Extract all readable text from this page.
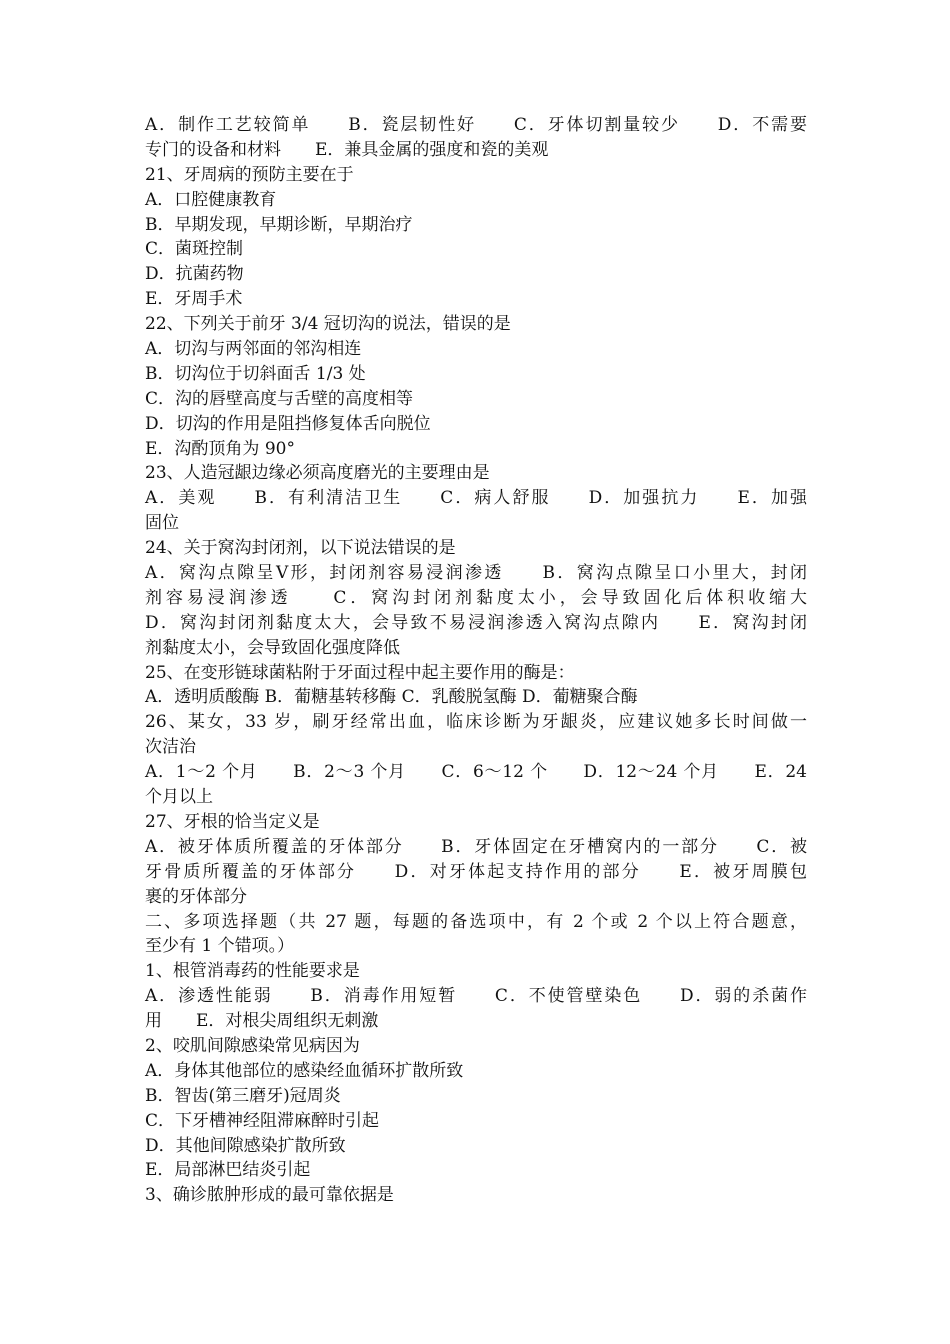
A．制作工艺较简单　　B．瓷层韧性好　　C．牙体切割量较少　　D．不需要
专门的设备和材料　　E．兼具金属的强度和瓷的美观
21、牙周病的预防主要在于
A．口腔健康教育
B．早期发现，早期诊断，早期治疗
C．菌斑控制
D．抗菌药物
E．牙周手术
22、下列关于前牙 3/4 冠切沟的说法，错误的是
A．切沟与两邻面的邻沟相连
B．切沟位于切斜面舌 1/3 处
C．沟的唇壁高度与舌壁的高度相等
D．切沟的作用是阻挡修复体舌向脱位
E．沟酌顶角为 90°
23、人造冠龈边缘必须高度磨光的主要理由是
A．美观　　B．有利清洁卫生　　C．病人舒服　　D．加强抗力　　E．加强
固位
24、关于窝沟封闭剂，以下说法错误的是
A．窝沟点隙呈Ⅴ形，封闭剂容易浸润渗透　　B．窝沟点隙呈口小里大，封闭
剂容易浸润渗透　　C．窝沟封闭剂黏度太小，会导致固化后体积收缩大
D．窝沟封闭剂黏度太大，会导致不易浸润渗透入窝沟点隙内　　E．窝沟封闭
剂黏度太小，会导致固化强度降低
25、在变形链球菌粘附于牙面过程中起主要作用的酶是：
A．透明质酸酶 B．葡糖基转移酶 C．乳酸脱氢酶 D．葡糖聚合酶
26、某女，33 岁，刷牙经常出血，临床诊断为牙龈炎，应建议她多长时间做一
次洁治
A．1～2 个月　　B．2～3 个月　　C．6～12 个　　D．12～24 个月　　E．24
个月以上
27、牙根的恰当定义是
A．被牙体质所覆盖的牙体部分　　B．牙体固定在牙槽窝内的一部分　　C．被
牙骨质所覆盖的牙体部分　　D．对牙体起支持作用的部分　　E．被牙周膜包
裹的牙体部分
二、多项选择题（共 27 题，每题的备选项中，有 2 个或 2 个以上符合题意，
至少有 1 个错项。）
1、根管消毒药的性能要求是
A．渗透性能弱　　B．消毒作用短暂　　C．不使管壁染色　　D．弱的杀菌作
用　　E．对根尖周组织无刺激
2、咬肌间隙感染常见病因为
A．身体其他部位的感染经血循环扩散所致
B．智齿(第三磨牙)冠周炎
C．下牙槽神经阻滞麻醉时引起
D．其他间隙感染扩散所致
E．局部淋巴结炎引起
3、确诊脓肿形成的最可靠依据是
